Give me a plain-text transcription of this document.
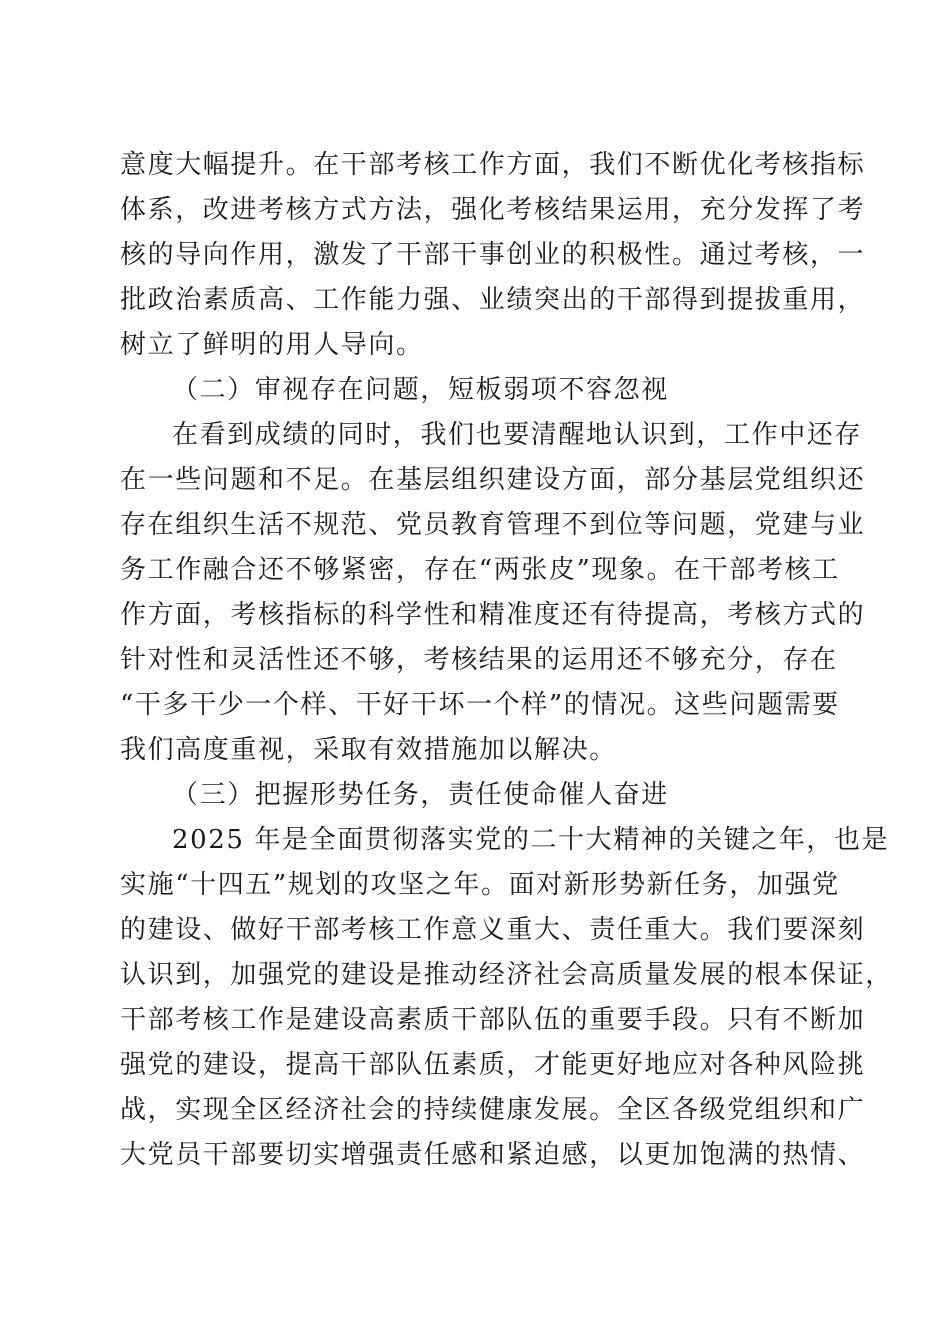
意度大幅提升。在干部考核工作方面，我们不断优化考核指标
体系，改进考核方式方法，强化考核结果运用，充分发挥了考
核的导向作用，激发了干部干事创业的积极性。通过考核，一
批政治素质高、工作能力强、业绩突出的干部得到提拔重用，
树立了鲜明的用人导向。
（二）审视存在问题，短板弱项不容忽视
在看到成绩的同时，我们也要清醒地认识到，工作中还存
在一些问题和不足。在基层组织建设方面，部分基层党组织还
存在组织生活不规范、党员教育管理不到位等问题，党建与业
务工作融合还不够紧密，存在“两张皮”现象。在干部考核工
作方面，考核指标的科学性和精准度还有待提高，考核方式的
针对性和灵活性还不够，考核结果的运用还不够充分，存在
“干多干少一个样、干好干坏一个样”的情况。这些问题需要
我们高度重视，采取有效措施加以解决。
（三）把握形势任务，责任使命催人奋进
2025 年是全面贯彻落实党的二十大精神的关键之年，也是
实施“十四五”规划的攻坚之年。面对新形势新任务，加强党
的建设、做好干部考核工作意义重大、责任重大。我们要深刻
认识到，加强党的建设是推动经济社会高质量发展的根本保证，
干部考核工作是建设高素质干部队伍的重要手段。只有不断加
强党的建设，提高干部队伍素质，才能更好地应对各种风险挑
战，实现全区经济社会的持续健康发展。全区各级党组织和广
大党员干部要切实增强责任感和紧迫感，以更加饱满的热情、
